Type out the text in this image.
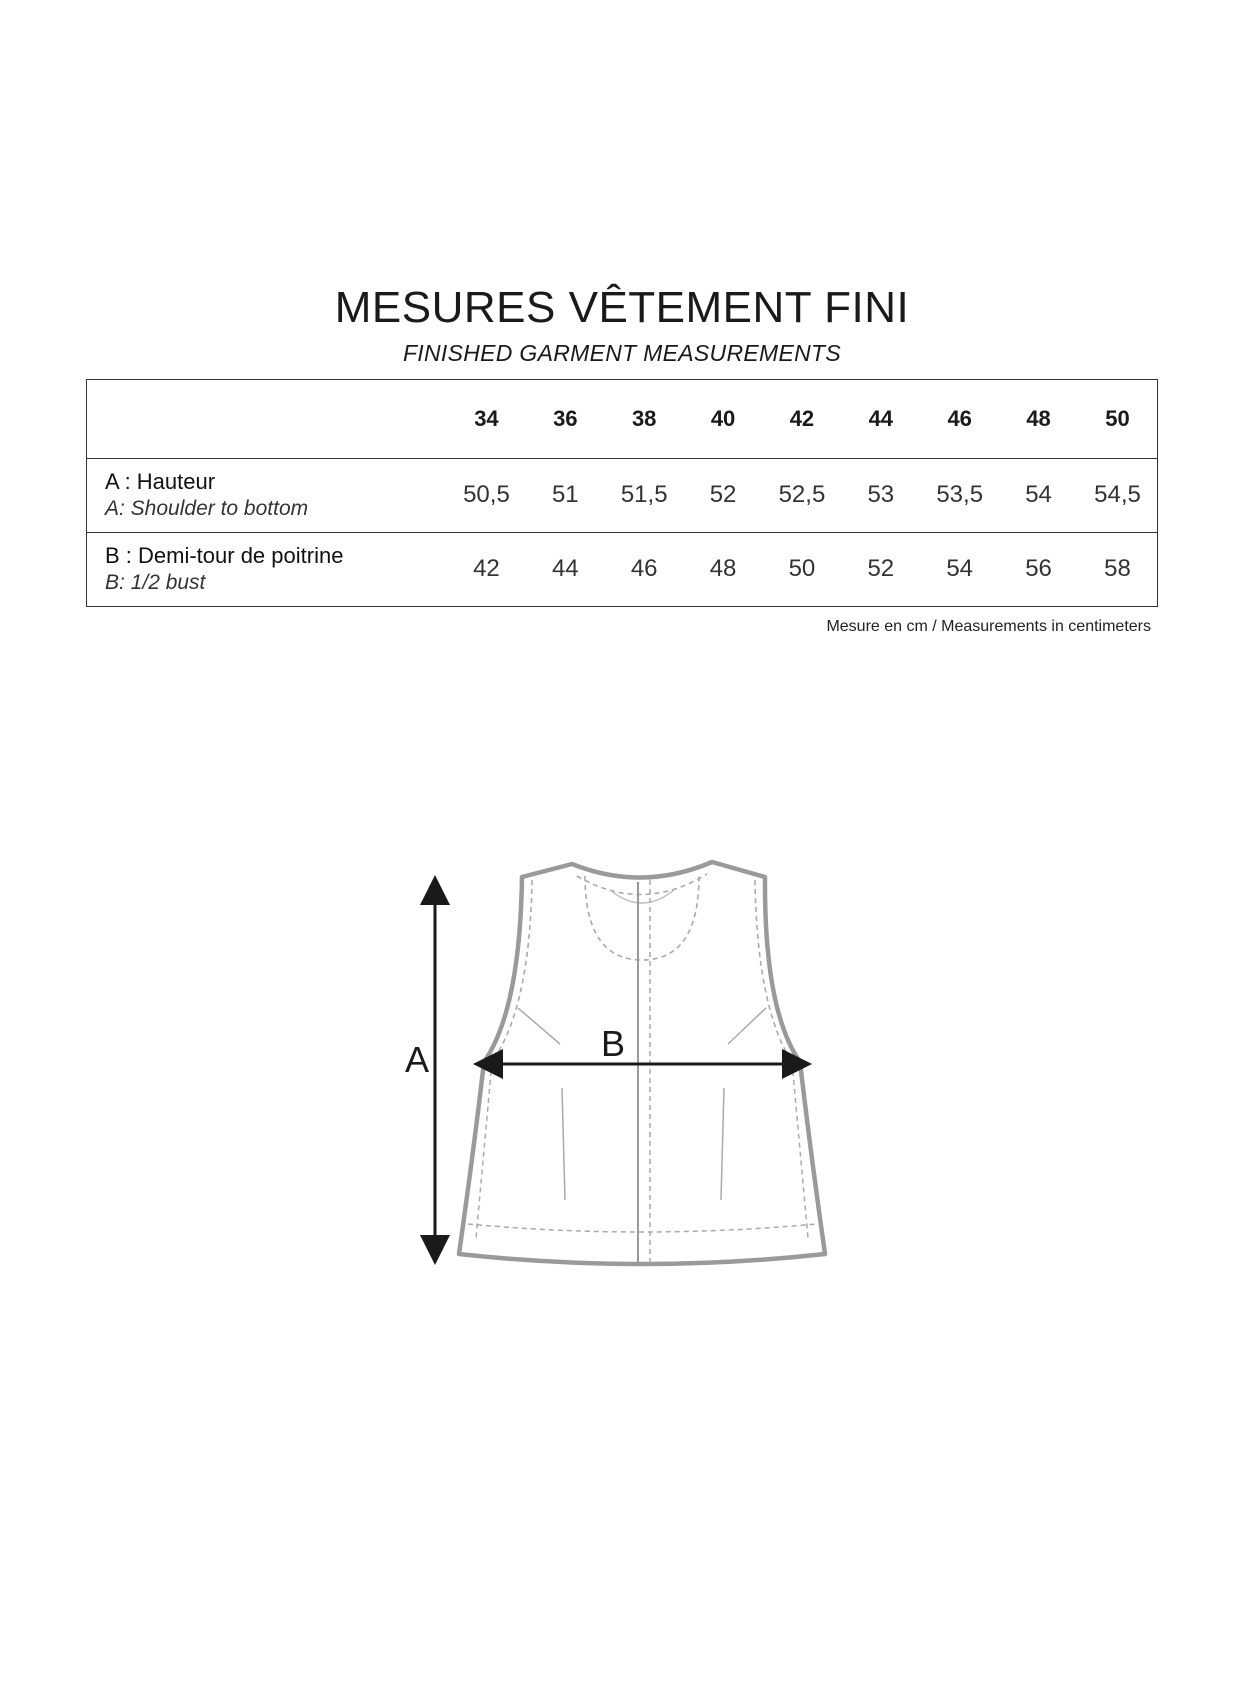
MESURES VÊTEMENT FINI
FINISHED GARMENT MEASUREMENTS
	34	36	38	40	42	44	46	48	50

A : Hauteur
A: Shoulder to bottom	50,5	51	51,5	52	52,5	53	53,5	54	54,5

B : Demi-tour de poitrine
B: 1/2 bust	42	44	46	48	50	52	54	56	58
Mesure en cm / Measurements in centimeters
A	B
